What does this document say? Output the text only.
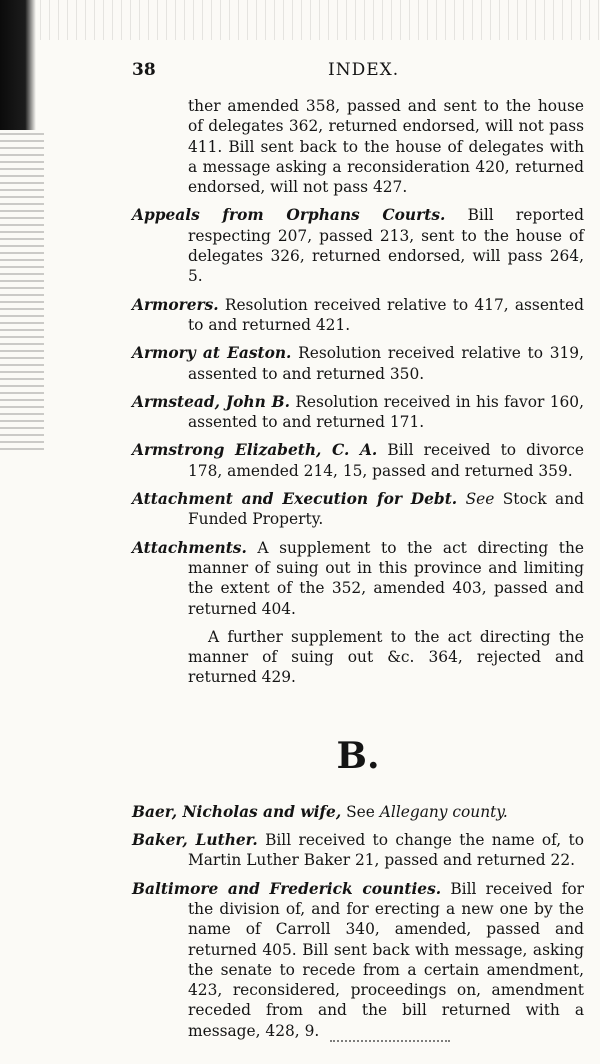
38	INDEX.

ther amended 358, passed and sent to the house of delegates 362, returned endorsed, will not pass 411. Bill sent back to the house of delegates with a message asking a reconsideration 420, returned endorsed, will not pass 427.

Appeals from Orphans Courts. Bill reported respecting 207, passed 213, sent to the house of delegates 326, returned endorsed, will pass 264, 5.

Armorers. Resolution received relative to 417, assented to and returned 421.

Armory at Easton. Resolution received relative to 319, assented to and returned 350.

Armstead, John B. Resolution received in his favor 160, assented to and returned 171.

Armstrong Elizabeth, C. A. Bill received to divorce 178, amended 214, 15, passed and returned 359.

Attachment and Execution for Debt. See Stock and Funded Property.

Attachments. A supplement to the act directing the manner of suing out in this province and limiting the extent of the 352, amended 403, passed and returned 404.

A further supplement to the act directing the manner of suing out &c. 364, rejected and returned 429.

B.

Baer, Nicholas and wife, See Allegany county.

Baker, Luther. Bill received to change the name of, to Martin Luther Baker 21, passed and returned 22.

Baltimore and Frederick counties. Bill received for the division of, and for erecting a new one by the name of Carroll 340, amended, passed and returned 405. Bill sent back with message, asking the senate to recede from a certain amendment, 423, reconsidered, proceedings on, amendment receded from and the bill returned with a message, 428, 9.
